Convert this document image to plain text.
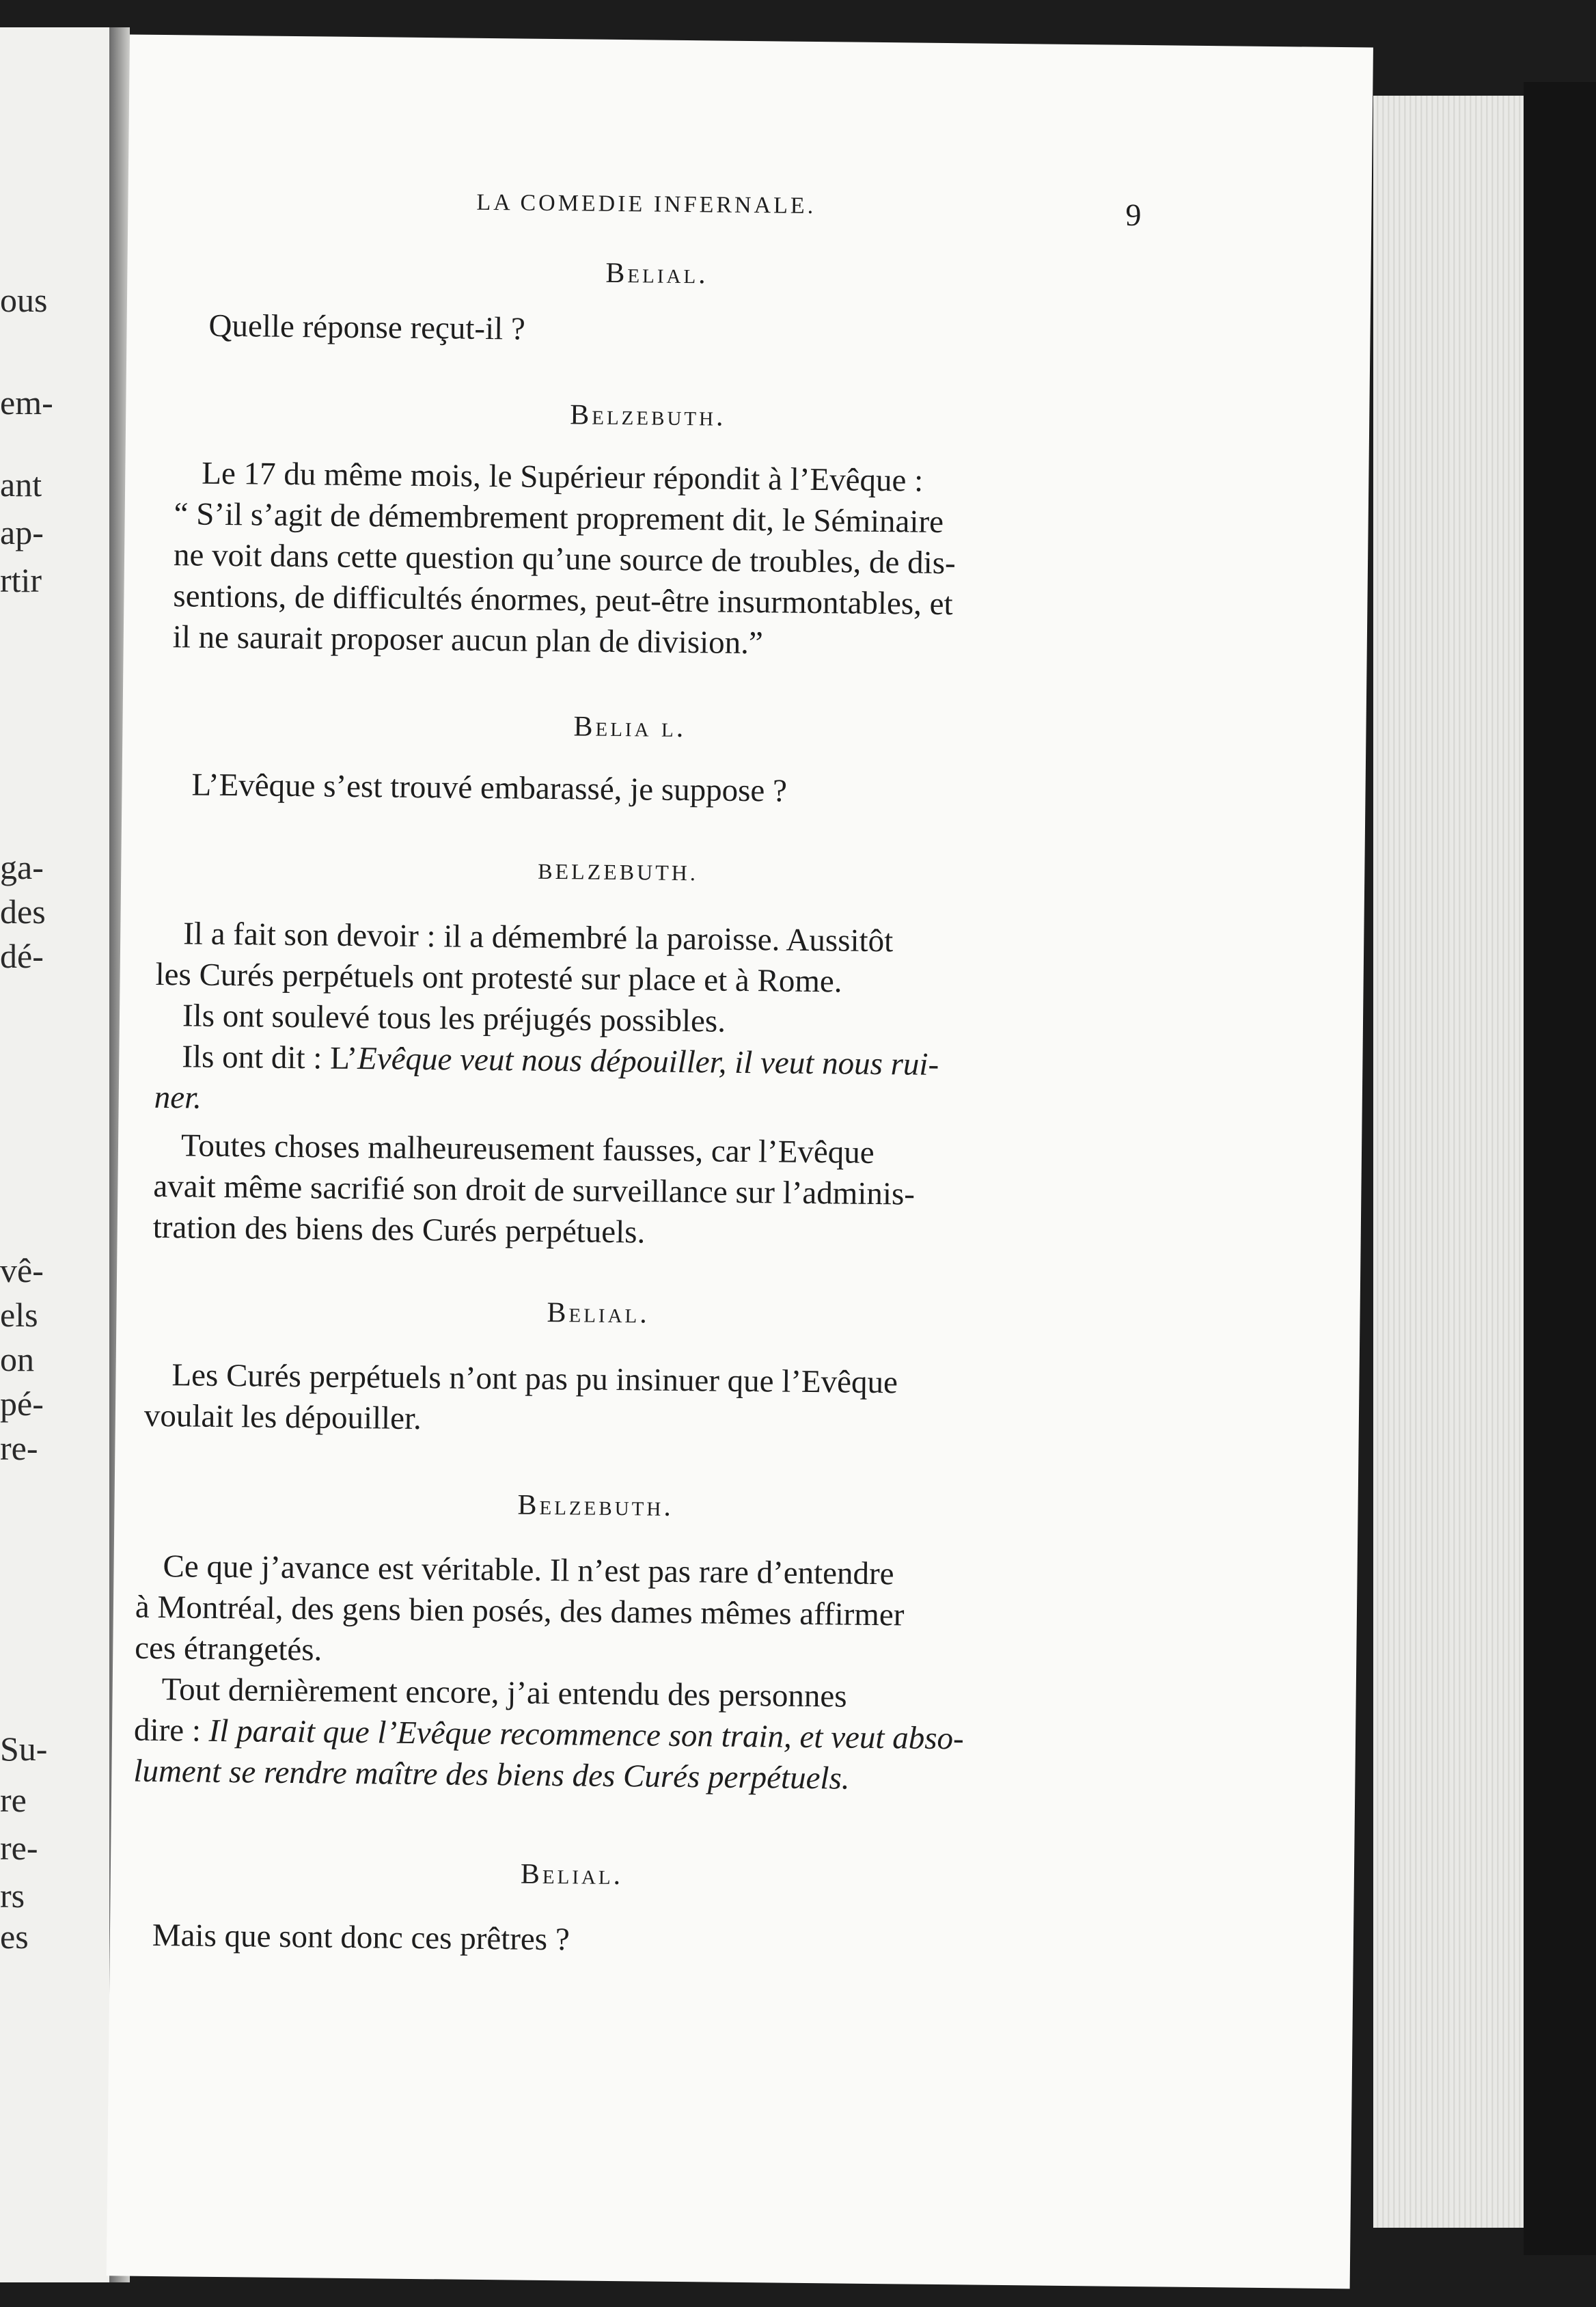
ous
em-
ant
ap-
rtir
ga-
des
dé-
vê-
els
on
pé-
re-
Su-
re
re-
rs
es
LA COMEDIE INFERNALE.	9
Belial.
Quelle réponse reçut-il ?
Belzebuth.
Le 17 du même mois, le Supérieur répondit à l’Evêque :
“ S’il s’agit de démembrement proprement dit, le Séminaire
ne voit dans cette question qu’une source de troubles, de dis-
sentions, de difficultés énormes, peut-être insurmontables, et
il ne saurait proposer aucun plan de division.”
Belia l.
L’Evêque s’est trouvé embarassé, je suppose ?
BELZEBUTH.
Il a fait son devoir : il a démembré la paroisse. Aussitôt
les Curés perpétuels ont protesté sur place et à Rome.
Ils ont soulevé tous les préjugés possibles.
Ils ont dit : L’Evêque veut nous dépouiller, il veut nous rui-
ner.
Toutes choses malheureusement fausses, car l’Evêque
avait même sacrifié son droit de surveillance sur l’adminis-
tration des biens des Curés perpétuels.
Belial.
Les Curés perpétuels n’ont pas pu insinuer que l’Evêque
voulait les dépouiller.
Belzebuth.
Ce que j’avance est véritable. Il n’est pas rare d’entendre
à Montréal, des gens bien posés, des dames mêmes affirmer
ces étrangetés.
Tout dernièrement encore, j’ai entendu des personnes
dire : Il parait que l’Evêque recommence son train, et veut abso-
lument se rendre maître des biens des Curés perpétuels.
Belial.
Mais que sont donc ces prêtres ?
